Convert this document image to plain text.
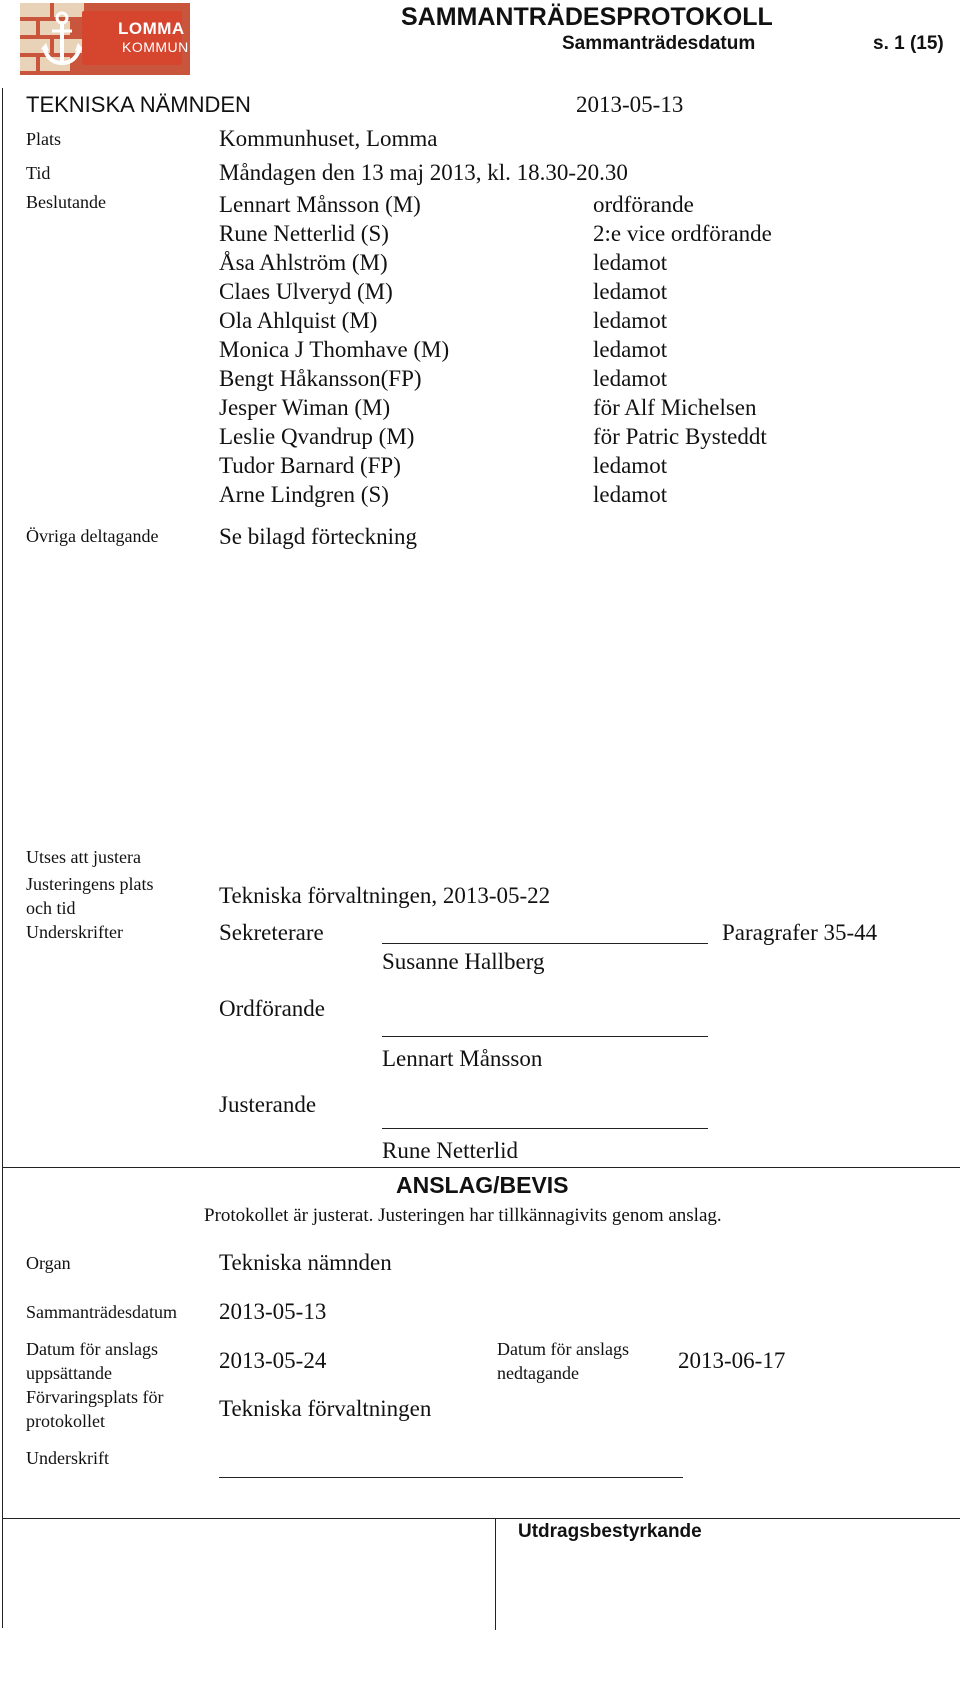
LOMMA
KOMMUN
SAMMANTRÄDESPROTOKOLL
Sammanträdesdatum	s. 1 (15)
TEKNISKA NÄMNDEN	2013-05-13
Plats	Kommunhuset, Lomma
Tid	Måndagen den 13 maj 2013, kl. 18.30-20.30
Beslutande	Lennart Månsson (M)	ordförande
Rune Netterlid (S)	2:e vice ordförande
Åsa Ahlström (M)	ledamot
Claes Ulveryd (M)	ledamot
Ola Ahlquist (M)	ledamot
Monica J Thomhave (M)	ledamot
Bengt Håkansson(FP)	ledamot
Jesper Wiman (M)	för Alf Michelsen
Leslie Qvandrup (M)	för Patric Bysteddt
Tudor Barnard (FP)	ledamot
Arne Lindgren (S)	ledamot
Övriga deltagande	Se bilagd förteckning
Utses att justera
Justeringens plats
och tid	Tekniska förvaltningen, 2013-05-22
Underskrifter	Sekreterare	Paragrafer 35-44
Susanne Hallberg
Ordförande
Lennart Månsson
Justerande
Rune Netterlid
ANSLAG/BEVIS
Protokollet är justerat. Justeringen har tillkännagivits genom anslag.
Organ	Tekniska nämnden
Sammanträdesdatum 2013-05-13
Datum för anslags
uppsättande	2013-05-24	Datum för anslags
nedtagande	2013-06-17
Förvaringsplats för
protokollet	Tekniska förvaltningen
Underskrift
Utdragsbestyrkande
